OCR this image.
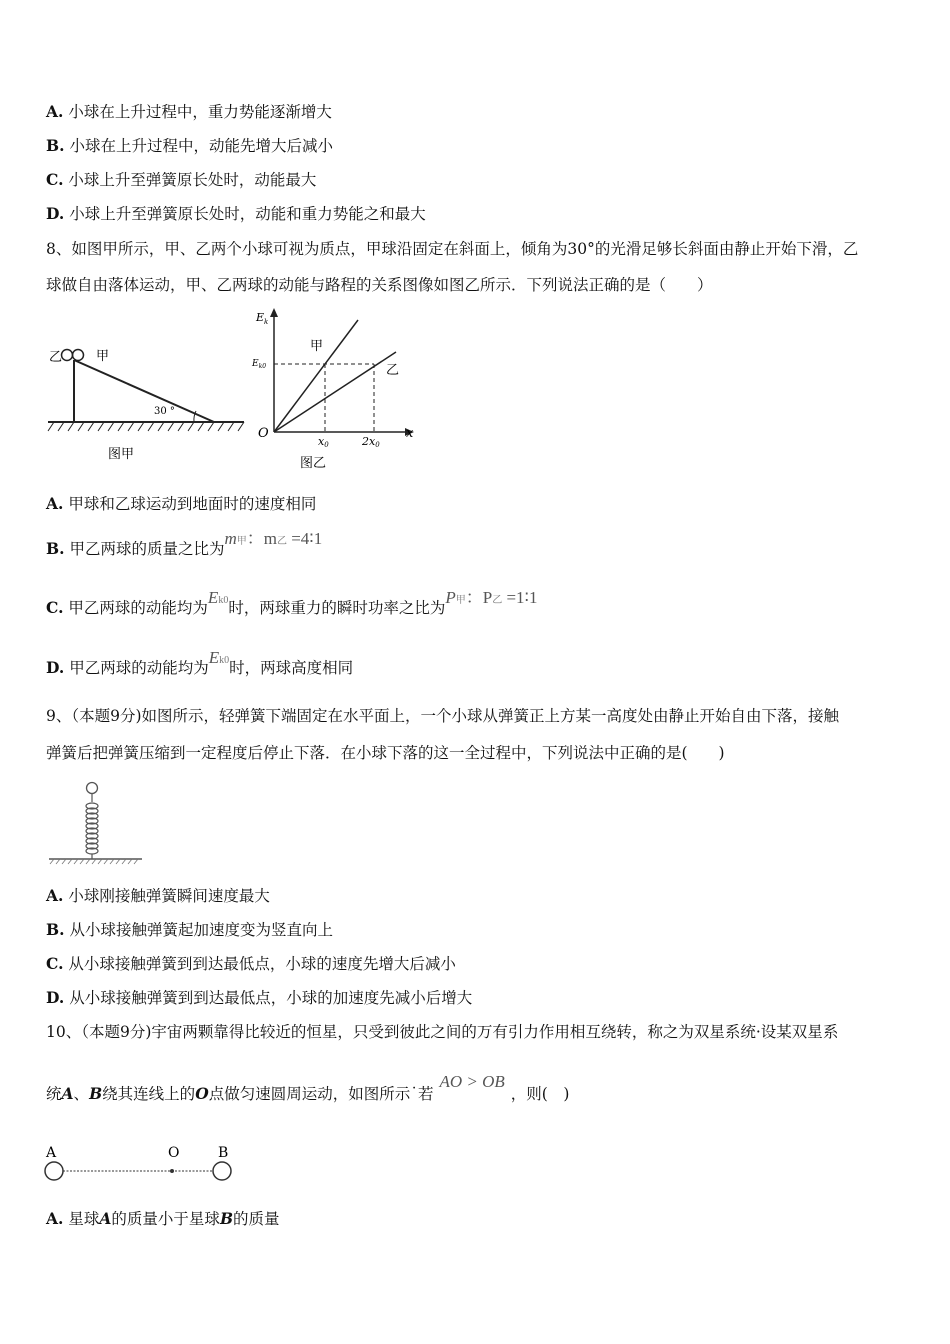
A. 小球在上升过程中，重力势能逐渐增大
B. 小球在上升过程中，动能先增大后减小
C. 小球上升至弹簧原长处时，动能最大
D. 小球上升至弹簧原长处时，动能和重力势能之和最大
8、如图甲所示，甲、乙两个小球可视为质点，甲球沿固定在斜面上，倾角为30°的光滑足够长斜面由静止开始下滑，乙
球做自由落体运动，甲、乙两球的动能与路程的关系图像如图乙所示．下列说法正确的是（　　）
乙	甲
30 °
图甲
$E_k$
x
O
$E_{k0}$
x0	2x0
甲
乙
图乙
A. 甲球和乙球运动到地面时的速度相同
B. 甲乙两球的质量之比为m甲：m乙 =4∶1
C. 甲乙两球的动能均为Ek0时，两球重力的瞬时功率之比为P甲：P乙 =1∶1
D. 甲乙两球的动能均为Ek0时，两球高度相同
9、（本题9分)如图所示，轻弹簧下端固定在水平面上，一个小球从弹簧正上方某一高度处由静止开始自由下落，接触
弹簧后把弹簧压缩到一定程度后停止下落．在小球下落的这一全过程中，下列说法中正确的是(　　)
A. 小球刚接触弹簧瞬间速度最大
B. 从小球接触弹簧起加速度变为竖直向上
C. 从小球接触弹簧到到达最低点，小球的速度先增大后减小
D. 从小球接触弹簧到到达最低点，小球的加速度先减小后增大
10、（本题9分)宇宙两颗靠得比较近的恒星，只受到彼此之间的万有引力作用相互绕转，称之为双星系统·设某双星系
统A、B绕其连线上的O点做匀速圆周运动，如图所示˙若AO > OB，则(　)
A	O	B
A. 星球A的质量小于星球B的质量
